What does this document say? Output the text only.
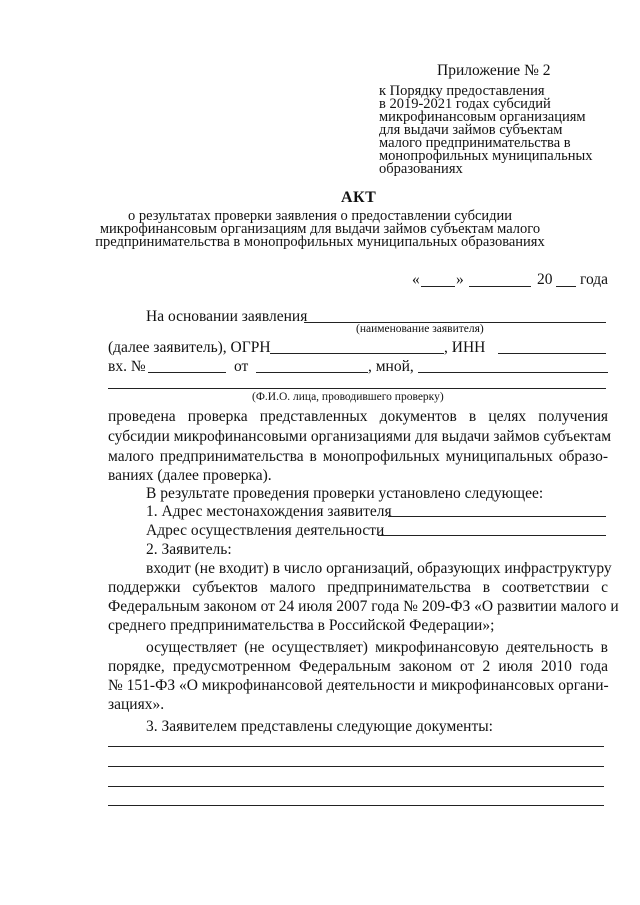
Приложение № 2
к Порядку предоставления
в 2019-2021 годах субсидий
микрофинансовым организациям
для выдачи займов субъектам
малого предпринимательства в
монопрофильных муниципальных
образованиях
АКТ
о результатах проверки заявления о предоставлении субсидии
микрофинансовым организациям для выдачи займов субъектам малого
предпринимательства в монопрофильных муниципальных образованиях
« »	20 года
На основании заявления
(наименование заявителя)
(далее заявитель), ОГРН	, ИНН
вх. №	от	, мной,
(Ф.И.О. лица, проводившего проверку)
проведена проверка представленных документов в целях получения
субсидии микрофинансовыми организациями для выдачи займов субъектам
малого предпринимательства в монопрофильных муниципальных образо-
ваниях (далее проверка).
В результате проведения проверки установлено следующее:
1. Адрес местонахождения заявителя
Адрес осуществления деятельности
2. Заявитель:
входит (не входит) в число организаций, образующих инфраструктуру
поддержки субъектов малого предпринимательства в соответствии с
Федеральным законом от 24 июля 2007 года № 209-ФЗ «О развитии малого и
среднего предпринимательства в Российской Федерации»;
осуществляет (не осуществляет) микрофинансовую деятельность в
порядке, предусмотренном Федеральным законом от 2 июля 2010 года
№ 151-ФЗ «О микрофинансовой деятельности и микрофинансовых органи-
зациях».
3. Заявителем представлены следующие документы:
